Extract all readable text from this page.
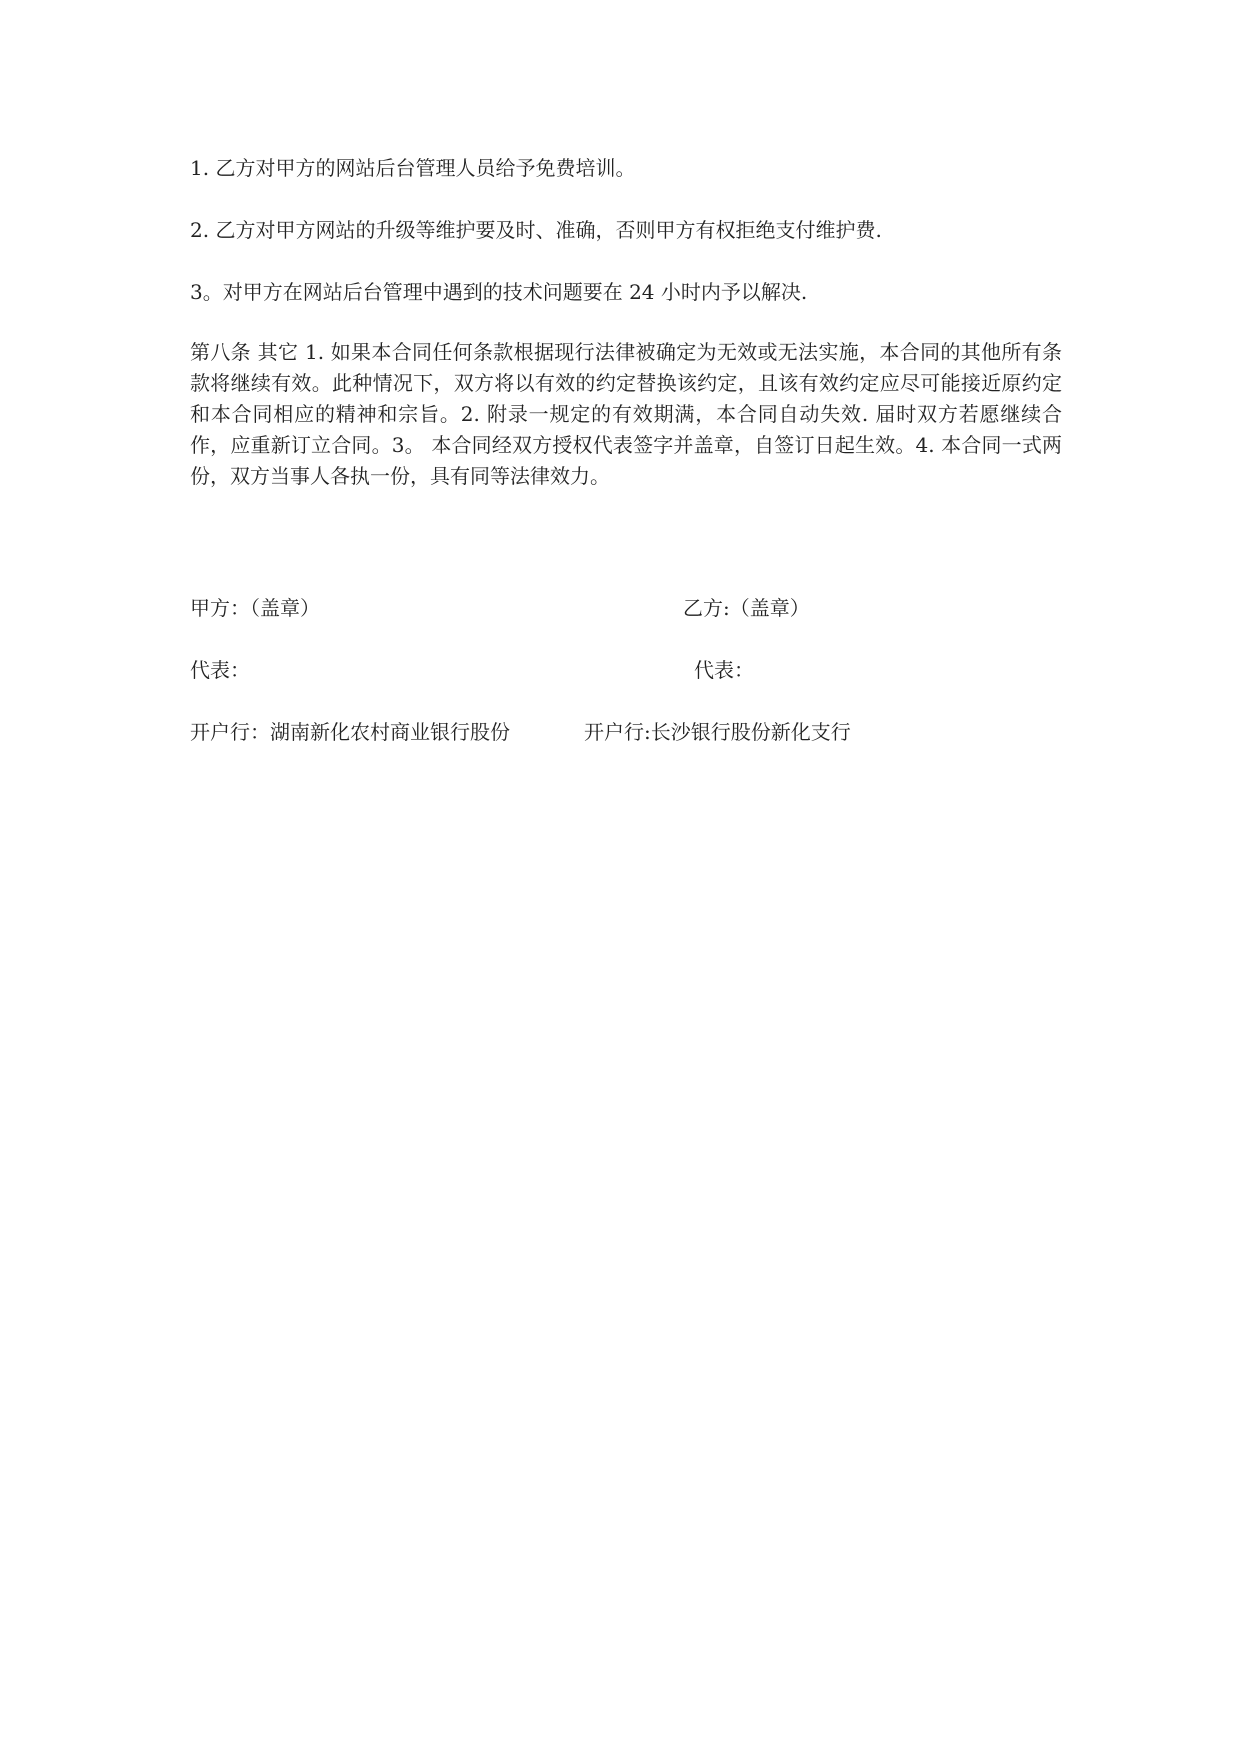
1. 乙方对甲方的网站后台管理人员给予免费培训。
2. 乙方对甲方网站的升级等维护要及时、准确，否则甲方有权拒绝支付维护费.
3。对甲方在网站后台管理中遇到的技术问题要在 24 小时内予以解决.
第八条 其它 1. 如果本合同任何条款根据现行法律被确定为无效或无法实施，本合同的其他所有条款将继续有效。此种情况下，双方将以有效的约定替换该约定，且该有效约定应尽可能接近原约定和本合同相应的精神和宗旨。2. 附录一规定的有效期满，本合同自动失效. 届时双方若愿继续合作，应重新订立合同。3。 本合同经双方授权代表签字并盖章，自签订日起生效。4. 本合同一式两份，双方当事人各执一份，具有同等法律效力。
甲方：（盖章）	乙方:（盖章）
代表：	代表：
开户行：湖南新化农村商业银行股份	开户行:长沙银行股份新化支行
